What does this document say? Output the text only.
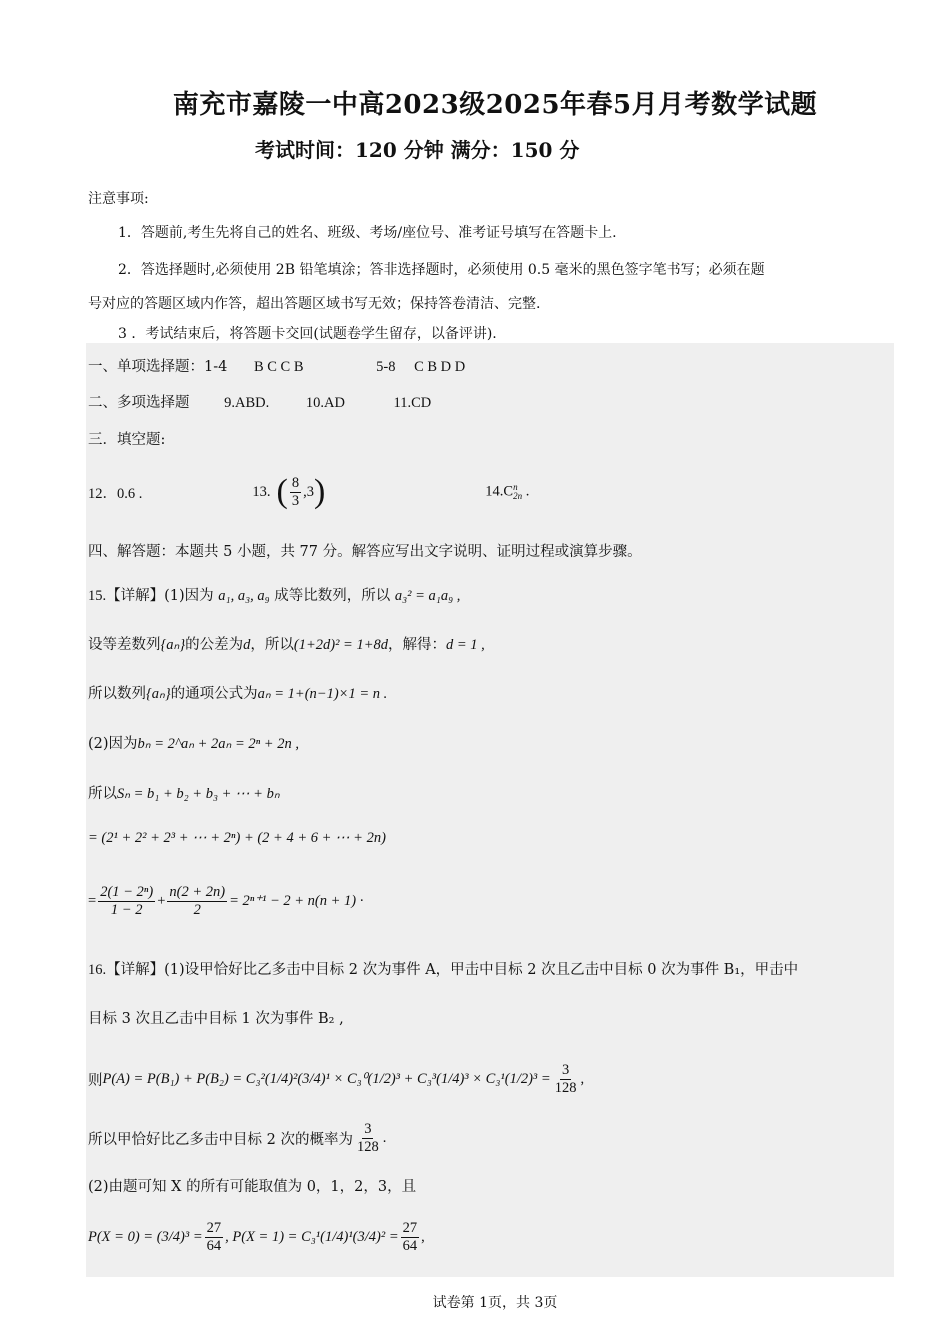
南充市嘉陵一中高2023级2025年春5月月考数学试题
考试时间：120 分钟 满分：150 分
注意事项:
1．答题前,考生先将自己的姓名、班级、考场/座位号、准考证号填写在答题卡上.
2．答选择题时,必须使用 2B 铅笔填涂；答非选择题时，必须使用 0.5 毫米的黑色签字笔书写；必须在题
号对应的答题区域内作答，超出答题区域书写无效；保持答卷清洁、完整.
3 ．考试结束后，将答题卡交回(试题卷学生留存，以备评讲).
一、单项选择题：1-4 B C C B	5-8 C B D D
二、多项选择题 9.ABD.	10.AD	11.CD
三．填空题:
12．0.6 .	13. ( $\frac{8}{3} ,3$ )	14.C n
2n .
四、解答题：本题共 5 小题，共 77 分。解答应写出文字说明、证明过程或演算步骤。
15.【详解】(1)因为 a₁, a₃, a₉ 成等比数列，所以 a₃² = a₁a₉ ,
设等差数列{aₙ}的公差为d，所以(1+2d)² = 1+8d，解得：d = 1 ,
所以数列{aₙ}的通项公式为aₙ = 1+(n−1)×1 = n .
(2)因为bₙ = 2^aₙ + 2aₙ = 2ⁿ + 2n ,
所以Sₙ = b₁ + b₂ + b₃ + ⋯ + bₙ
= (2¹ + 2² + 2³ + ⋯ + 2ⁿ) + (2 + 4 + 6 + ⋯ + 2n)
= $\frac{\text{2(1 − 2ⁿ)}}{1 - 2} + \frac{n(2 + 2n)}{2} = 2^{n+1} - 2 + n(n + 1)$ ·
16.【详解】(1)设甲恰好比乙多击中目标 2 次为事件 A，甲击中目标 2 次且乙击中目标 0 次为事件 B₁，甲击中
目标 3 次且乙击中目标 1 次为事件 B₂ ,
则 $P(A) = P(B_1) + P(B_2) = C_3^2(1/4)^2(3/4)^1 \times C_3^0(1/2)^3 + C_3^3(1/4)^3 \times C_3^1(1/2)^3 = \frac{3}{128}$ ,
所以甲恰好比乙多击中目标 2 次的概率为 $\frac{3}{128}$ .
(2)由题可知 X 的所有可能取值为 0，1，2，3，且
$P(X = 0) = (3/4)^3 = \frac{27}{64}$ , $P(X = 1) = C_3^1(1/4)^1(3/4)^2 = \frac{27}{64}$ ,
试卷第 1页，共 3页
